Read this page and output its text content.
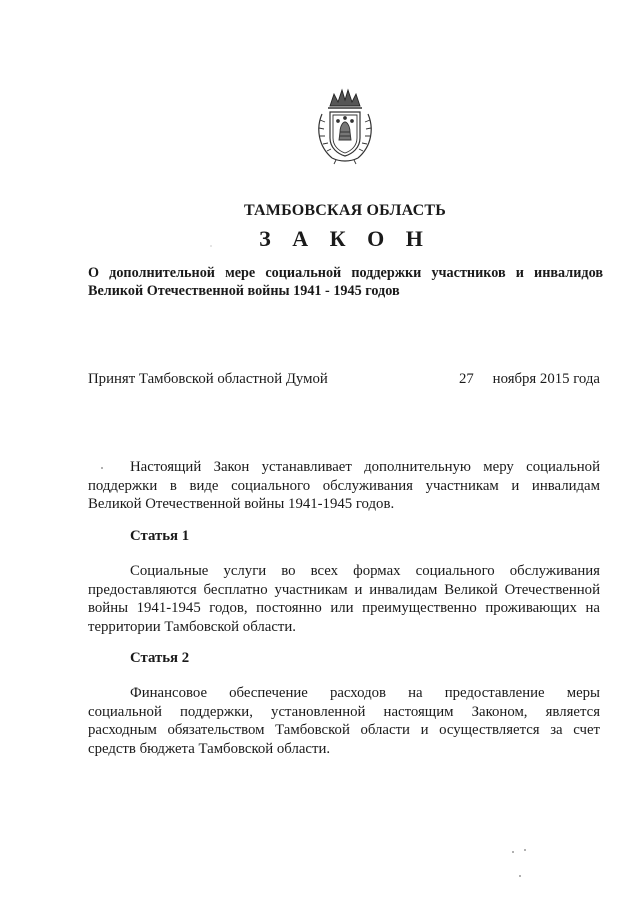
ТАМБОВСКАЯ ОБЛАСТЬ
З А К О Н
О дополнительной мере социальной поддержки участников и инвалидов
Великой Отечественной войны 1941 - 1945 годов
Принят Тамбовской областной Думой	27 ноября 2015 года
Настоящий Закон устанавливает дополнительную меру социальной
поддержки в виде социального обслуживания участникам и инвалидам
Великой Отечественной войны 1941-1945 годов.
Статья 1
Социальные услуги во всех формах социального обслуживания
предоставляются бесплатно участникам и инвалидам Великой Отечественной
войны 1941-1945 годов, постоянно или преимущественно проживающих на
территории Тамбовской области.
Статья 2
Финансовое обеспечение расходов на предоставление меры
социальной поддержки, установленной настоящим Законом, является
расходным обязательством Тамбовской области и осуществляется за счет
средств бюджета Тамбовской области.
